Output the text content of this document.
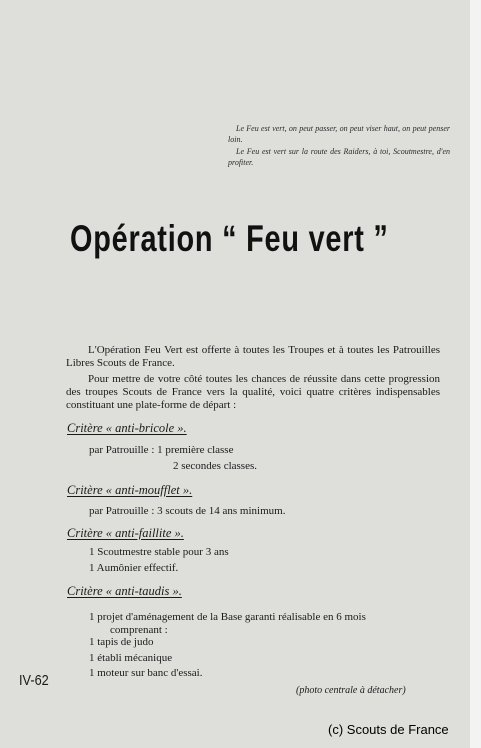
Le Feu est vert, on peut passer, on peut viser haut, on peut penser loin.

Le Feu est vert sur la route des Raiders, à toi, Scoutmestre, d'en profiter.

Opération “ Feu vert ”

L'Opération Feu Vert est offerte à toutes les Troupes et à toutes les Patrouilles Libres Scouts de France.

Pour mettre de votre côté toutes les chances de réussite dans cette progression des troupes Scouts de France vers la qualité, voici quatre critères indispensables constituant une plate-forme de départ :

Critère « anti-bricole ».
par Patrouille : 1 première classe
2 secondes classes.
Critère « anti-moufflet ».
par Patrouille : 3 scouts de 14 ans minimum.
Critère « anti-faillite ».
1 Scoutmestre stable pour 3 ans
1 Aumônier effectif.
Critère « anti-taudis ».
1 projet d'aménagement de la Base garanti réalisable en 6 mois
comprenant :
1 tapis de judo
1 établi mécanique
1 moteur sur banc d'essai.
IV-62
(photo centrale à détacher)
(c) Scouts de France
